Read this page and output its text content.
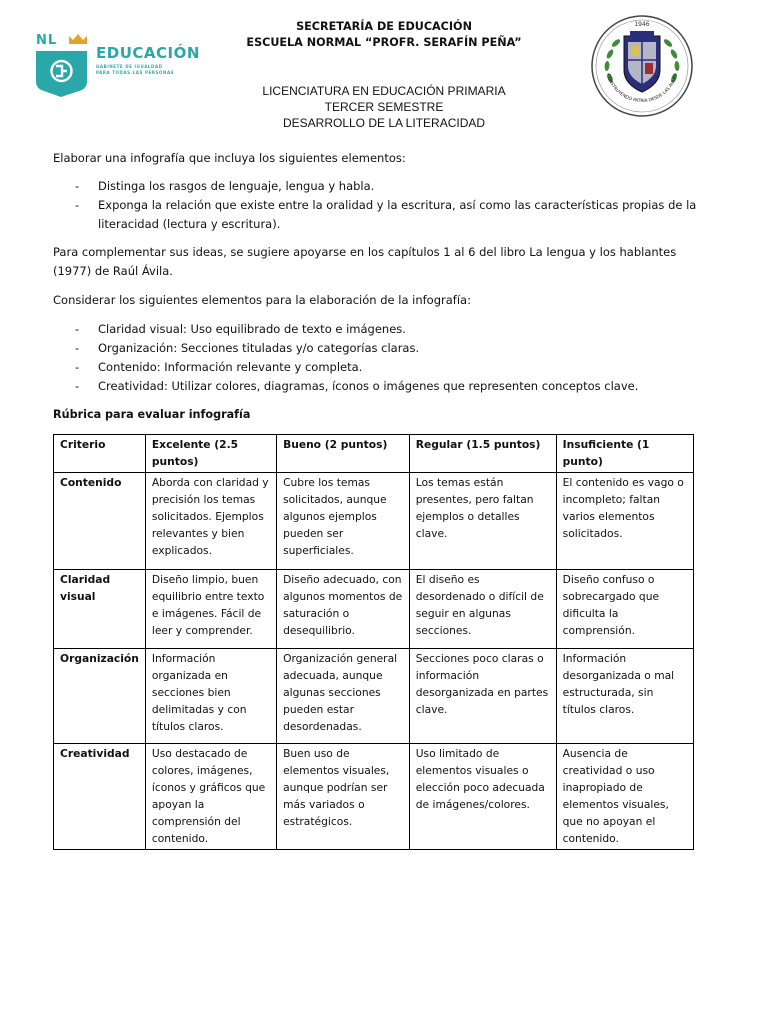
NL
EDUCACIÓN
GABINETE DE IGUALDAD
PARA TODAS LAS PERSONAS
1946
CONSTRUYENDO PATRIA DESDE LAS AULAS
SECRETARÍA DE EDUCACIÓN
ESCUELA NORMAL “PROFR. SERAFÍN PEÑA”
LICENCIATURA EN EDUCACIÓN PRIMARIA
TERCER SEMESTRE
DESARROLLO DE LA LITERACIDAD
Elaborar una infografía que incluya los siguientes elementos:
- Distinga los rasgos de lenguaje, lengua y habla.
- Exponga la relación que existe entre la oralidad y la escritura, así como las características propias de la literacidad (lectura y escritura).
Para complementar sus ideas, se sugiere apoyarse en los capítulos 1 al 6 del libro La lengua y los hablantes (1977) de Raúl Ávila.
Considerar los siguientes elementos para la elaboración de la infografía:
- Claridad visual: Uso equilibrado de texto e imágenes.
- Organización: Secciones tituladas y/o categorías claras.
- Contenido: Información relevante y completa.
- Creatividad: Utilizar colores, diagramas, íconos o imágenes que representen conceptos clave.
Rúbrica para evaluar infografía
Criterio	Excelente (2.5 puntos)	Bueno (2 puntos)	Regular (1.5 puntos)	Insuficiente (1 punto)
Contenido	Aborda con claridad y precisión los temas solicitados. Ejemplos relevantes y bien explicados.	Cubre los temas solicitados, aunque algunos ejemplos pueden ser superficiales.	Los temas están presentes, pero faltan ejemplos o detalles clave.	El contenido es vago o incompleto; faltan varios elementos solicitados.
Claridad visual	Diseño limpio, buen equilibrio entre texto e imágenes. Fácil de leer y comprender.	Diseño adecuado, con algunos momentos de saturación o desequilibrio.	El diseño es desordenado o difícil de seguir en algunas secciones.	Diseño confuso o sobrecargado que dificulta la comprensión.
Organización	Información organizada en secciones bien delimitadas y con títulos claros.	Organización general adecuada, aunque algunas secciones pueden estar desordenadas.	Secciones poco claras o información desorganizada en partes clave.	Información desorganizada o mal estructurada, sin títulos claros.
Creatividad	Uso destacado de colores, imágenes, íconos y gráficos que apoyan la comprensión del contenido.	Buen uso de elementos visuales, aunque podrían ser más variados o estratégicos.	Uso limitado de elementos visuales o elección poco adecuada de imágenes/colores.	Ausencia de creatividad o uso inapropiado de elementos visuales, que no apoyan el contenido.
